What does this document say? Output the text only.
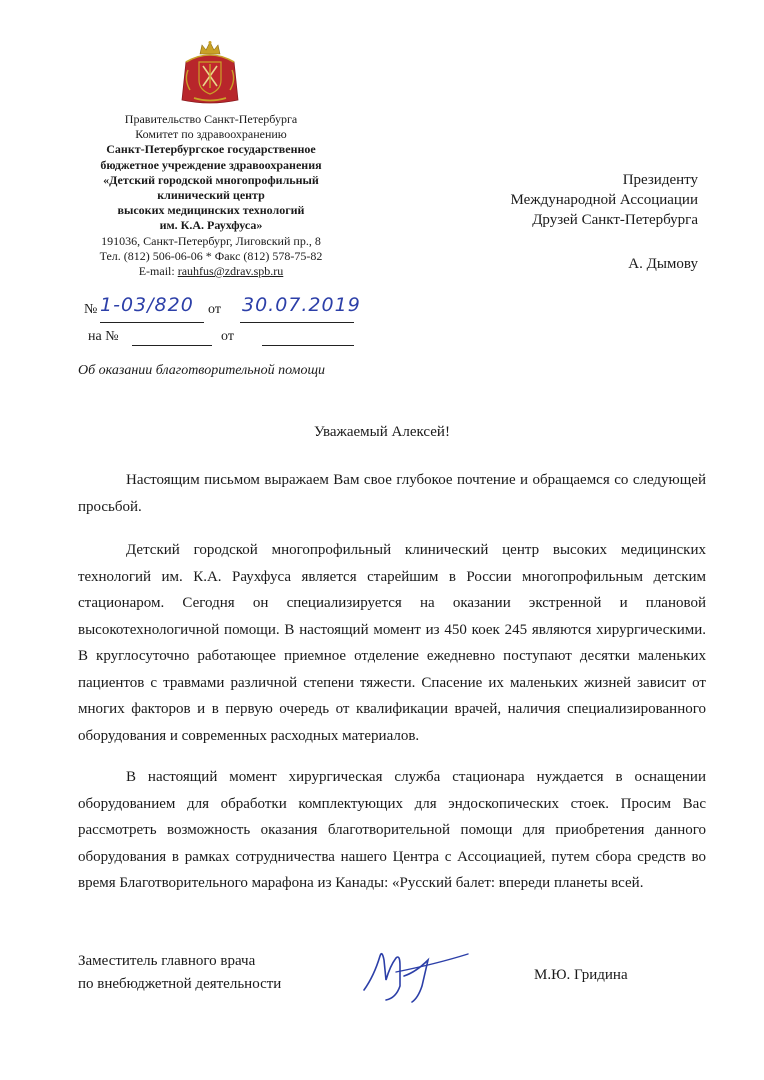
Правительство Санкт-Петербурга
Комитет по здравоохранению
Санкт-Петербургское государственное
бюджетное учреждение здравоохранения
«Детский городской многопрофильный
клинический центр
высоких медицинских технологий
им. К.А. Раухфуса»
191036, Санкт-Петербург, Лиговский пр., 8
Тел. (812) 506-06-06 * Факс (812) 578-75-82
E-mail: rauhfus@zdrav.spb.ru
Президенту
Международной Ассоциации
Друзей Санкт-Петербурга
А. Дымову
№ 1-03/820 от 30.07.2019
на №	от
Об оказании благотворительной помощи
Уважаемый Алексей!

Настоящим письмом выражаем Вам свое глубокое почтение и обращаемся со следующей просьбой.

Детский городской многопрофильный клинический центр высоких медицинских технологий им. К.А. Раухфуса является старейшим в России многопрофильным детским стационаром. Сегодня он специализируется на оказании экстренной и плановой высокотехнологичной помощи. В настоящий момент из 450 коек 245 являются хирургическими. В круглосуточно работающее приемное отделение ежедневно поступают десятки маленьких пациентов с травмами различной степени тяжести. Спасение их маленьких жизней зависит от многих факторов и в первую очередь от квалификации врачей, наличия специализированного оборудования и современных расходных материалов.

В настоящий момент хирургическая служба стационара нуждается в оснащении оборудованием для обработки комплектующих для эндоскопических стоек. Просим Вас рассмотреть возможность оказания благотворительной помощи для приобретения данного оборудования в рамках сотрудничества нашего Центра с Ассоциацией, путем сбора средств во время Благотворительного марафона из Канады: «Русский балет: впереди планеты всей.

Заместитель главного врача
по внебюджетной деятельности
М.Ю. Гридина
